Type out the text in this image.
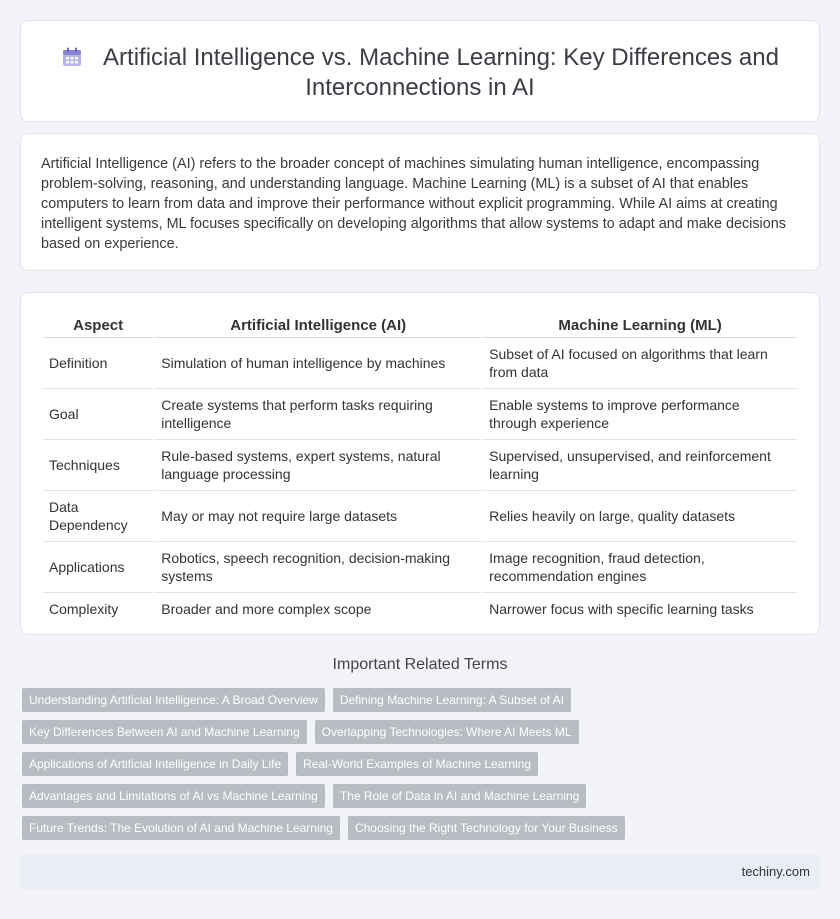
Artificial Intelligence vs. Machine Learning: Key Differences and Interconnections in AI

Artificial Intelligence (AI) refers to the broader concept of machines simulating human intelligence, encompassing problem-solving, reasoning, and understanding language. Machine Learning (ML) is a subset of AI that enables computers to learn from data and improve their performance without explicit programming. While AI aims at creating intelligent systems, ML focuses specifically on developing algorithms that allow systems to adapt and make decisions based on experience.

Aspect	Artificial Intelligence (AI)	Machine Learning (ML)
Definition	Simulation of human intelligence by machines	Subset of AI focused on algorithms that learn from data
Goal	Create systems that perform tasks requiring intelligence	Enable systems to improve performance through experience
Techniques	Rule-based systems, expert systems, natural language processing	Supervised, unsupervised, and reinforcement learning
Data Dependency	May or may not require large datasets	Relies heavily on large, quality datasets
Applications	Robotics, speech recognition, decision-making systems	Image recognition, fraud detection, recommendation engines
Complexity	Broader and more complex scope	Narrower focus with specific learning tasks
Important Related Terms
Understanding Artificial Intelligence: A Broad Overview	Defining Machine Learning: A Subset of AI
Key Differences Between AI and Machine Learning	Overlapping Technologies: Where AI Meets ML
Applications of Artificial Intelligence in Daily Life	Real-World Examples of Machine Learning
Advantages and Limitations of AI vs Machine Learning	The Role of Data in AI and Machine Learning
Future Trends: The Evolution of AI and Machine Learning	Choosing the Right Technology for Your Business
techiny.com
